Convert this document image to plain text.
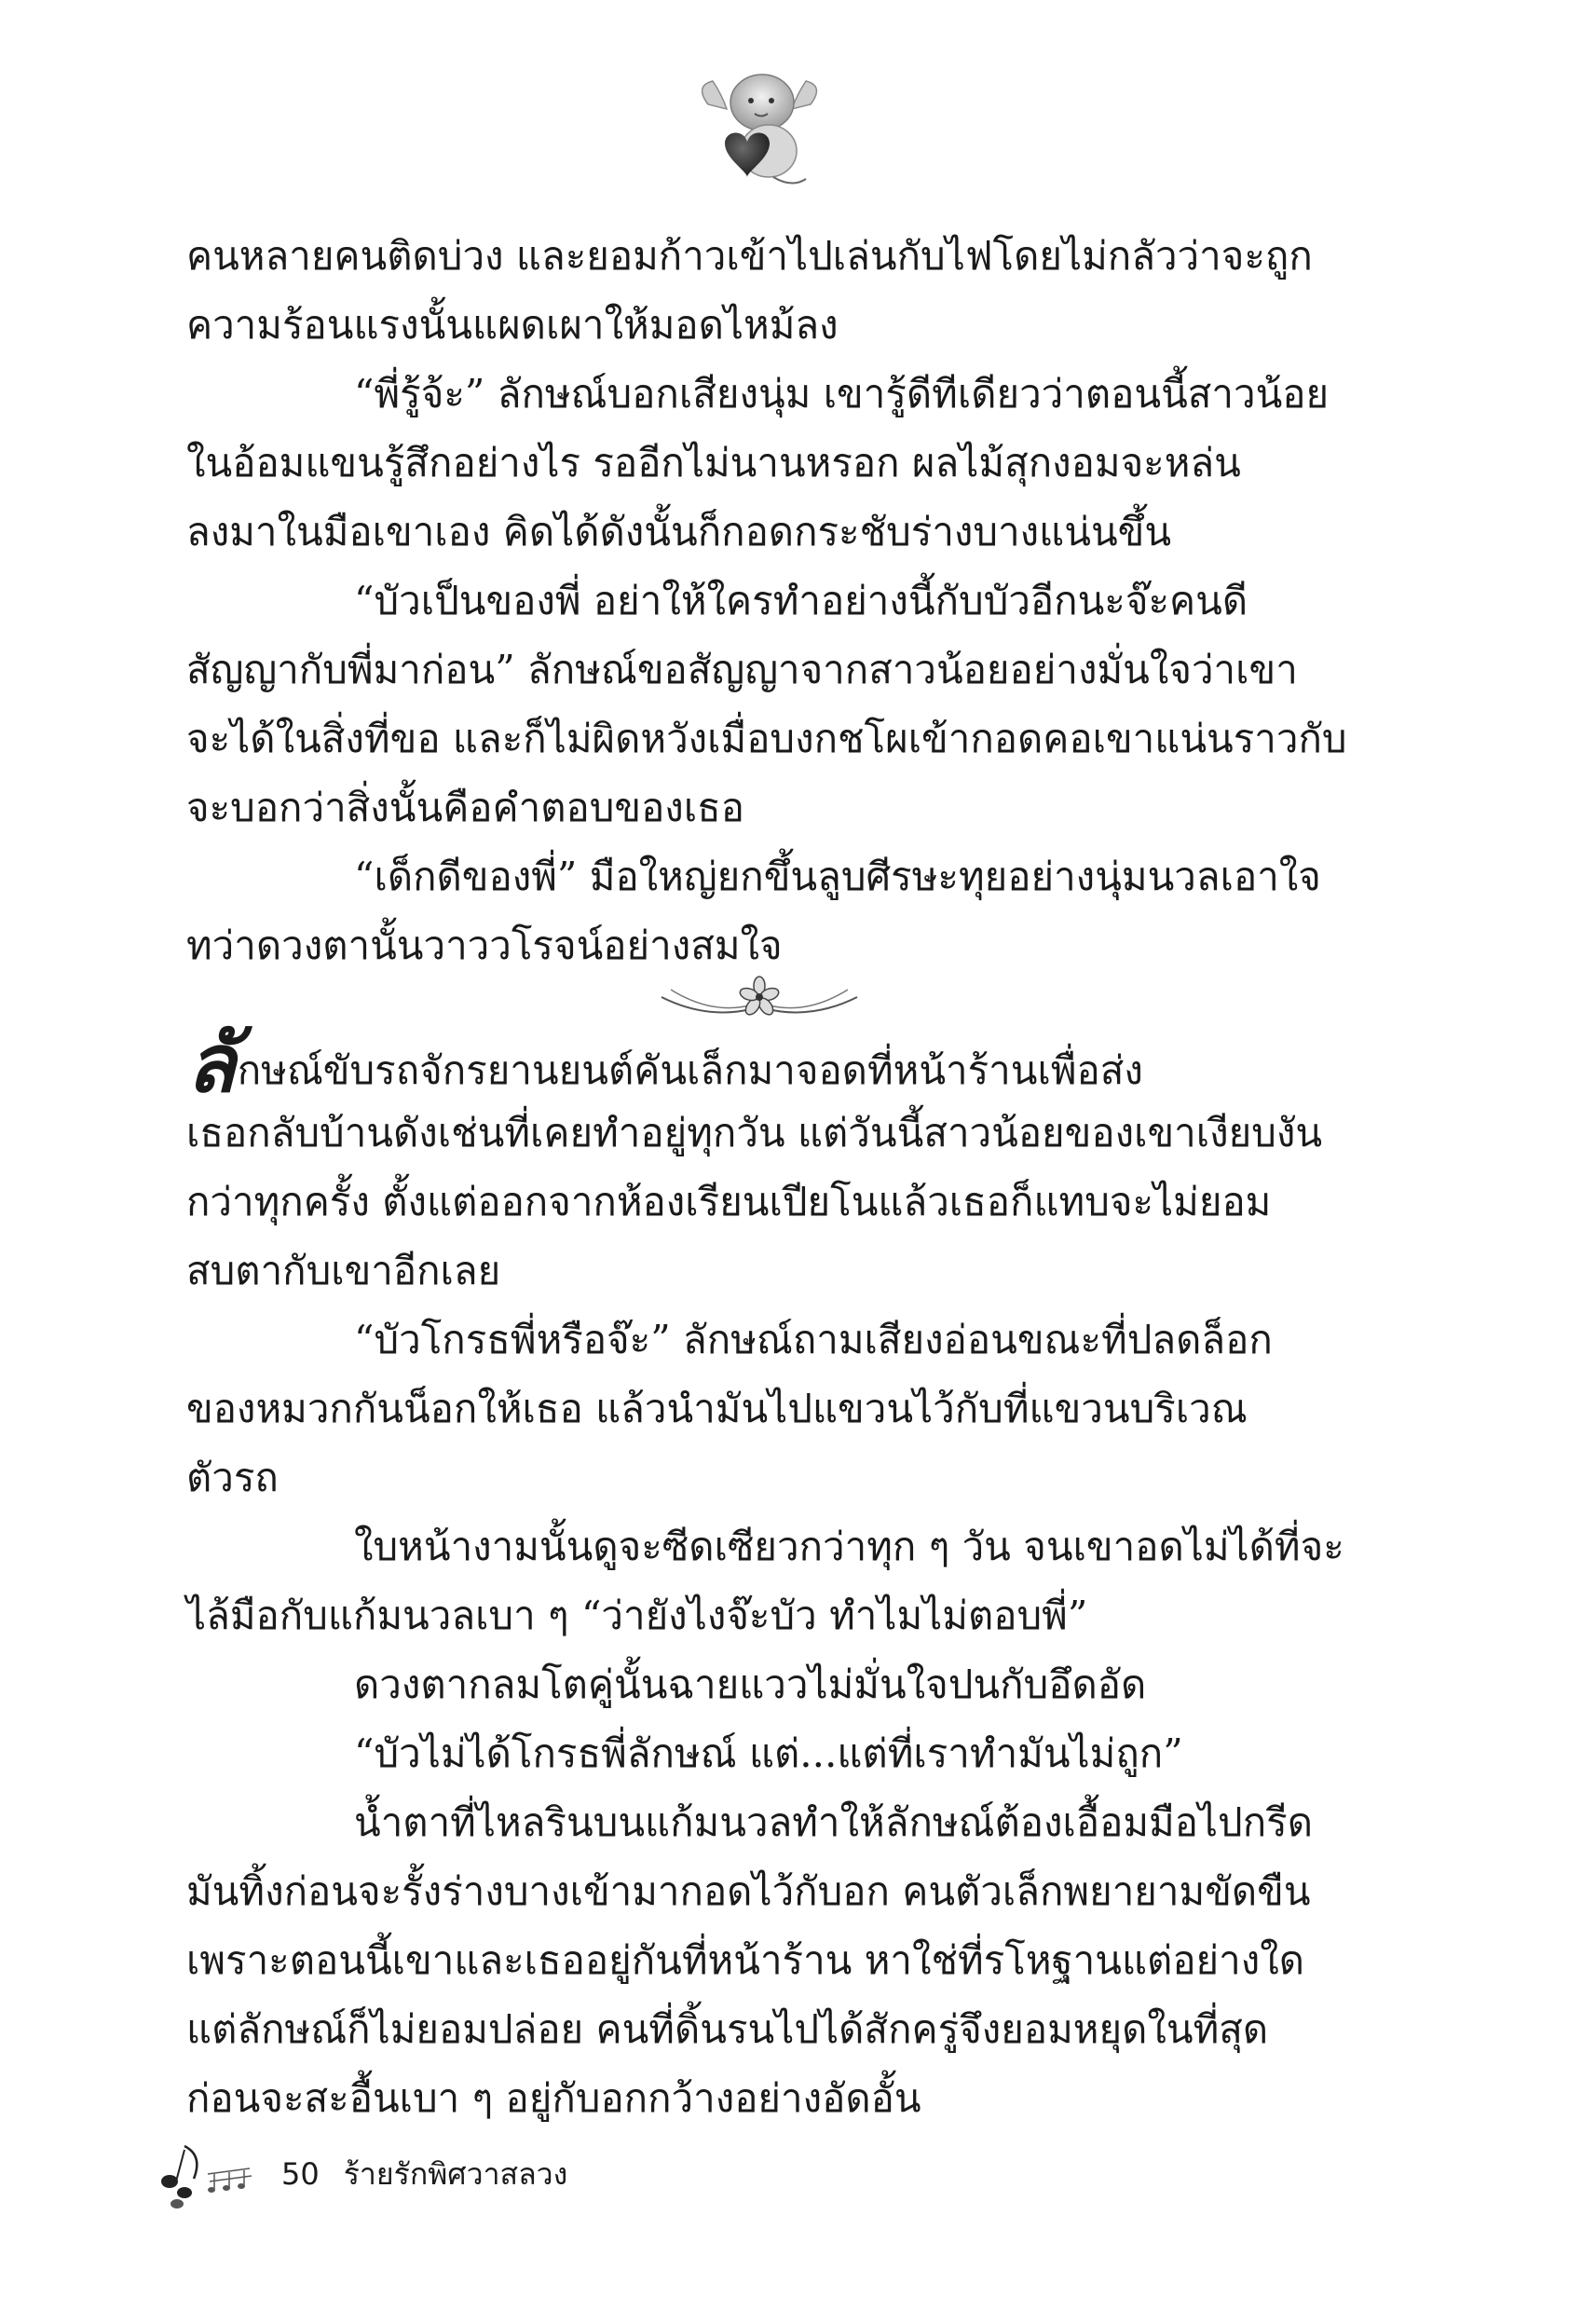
คนหลายคนติดบ่วง และยอมก้าวเข้าไปเล่นกับไฟโดยไม่กลัวว่าจะถูก
ความร้อนแรงนั้นแผดเผาให้มอดไหม้ลง
“พี่รู้จ้ะ” ลักษณ์บอกเสียงนุ่ม เขารู้ดีทีเดียวว่าตอนนี้สาวน้อย
ในอ้อมแขนรู้สึกอย่างไร รออีกไม่นานหรอก ผลไม้สุกงอมจะหล่น
ลงมาในมือเขาเอง คิดได้ดังนั้นก็กอดกระชับร่างบางแน่นขึ้น
“บัวเป็นของพี่ อย่าให้ใครทำอย่างนี้กับบัวอีกนะจ๊ะคนดี
สัญญากับพี่มาก่อน” ลักษณ์ขอสัญญาจากสาวน้อยอย่างมั่นใจว่าเขา
จะได้ในสิ่งที่ขอ และก็ไม่ผิดหวังเมื่อบงกชโผเข้ากอดคอเขาแน่นราวกับ
จะบอกว่าสิ่งนั้นคือคำตอบของเธอ
“เด็กดีของพี่” มือใหญ่ยกขึ้นลูบศีรษะทุยอย่างนุ่มนวลเอาใจ
ทว่าดวงตานั้นวาววโรจน์อย่างสมใจ
ลักษณ์ขับรถจักรยานยนต์คันเล็กมาจอดที่หน้าร้านเพื่อส่ง
เธอกลับบ้านดังเช่นที่เคยทำอยู่ทุกวัน แต่วันนี้สาวน้อยของเขาเงียบงัน
กว่าทุกครั้ง ตั้งแต่ออกจากห้องเรียนเปียโนแล้วเธอก็แทบจะไม่ยอม
สบตากับเขาอีกเลย
“บัวโกรธพี่หรือจ๊ะ” ลักษณ์ถามเสียงอ่อนขณะที่ปลดล็อก
ของหมวกกันน็อกให้เธอ แล้วนำมันไปแขวนไว้กับที่แขวนบริเวณ
ตัวรถ
ใบหน้างามนั้นดูจะซีดเซียวกว่าทุก ๆ วัน จนเขาอดไม่ได้ที่จะ
ไล้มือกับแก้มนวลเบา ๆ “ว่ายังไงจ๊ะบัว ทำไมไม่ตอบพี่”
ดวงตากลมโตคู่นั้นฉายแววไม่มั่นใจปนกับอึดอัด
“บัวไม่ได้โกรธพี่ลักษณ์ แต่...แต่ที่เราทำมันไม่ถูก”
น้ำตาที่ไหลรินบนแก้มนวลทำให้ลักษณ์ต้องเอื้อมมือไปกรีด
มันทิ้งก่อนจะรั้งร่างบางเข้ามากอดไว้กับอก คนตัวเล็กพยายามขัดขืน
เพราะตอนนี้เขาและเธออยู่กันที่หน้าร้าน หาใช่ที่รโหฐานแต่อย่างใด
แต่ลักษณ์ก็ไม่ยอมปล่อย คนที่ดิ้นรนไปได้สักครู่จึงยอมหยุดในที่สุด
ก่อนจะสะอื้นเบา ๆ อยู่กับอกกว้างอย่างอัดอั้น
50 ร้ายรักพิศวาสลวง
